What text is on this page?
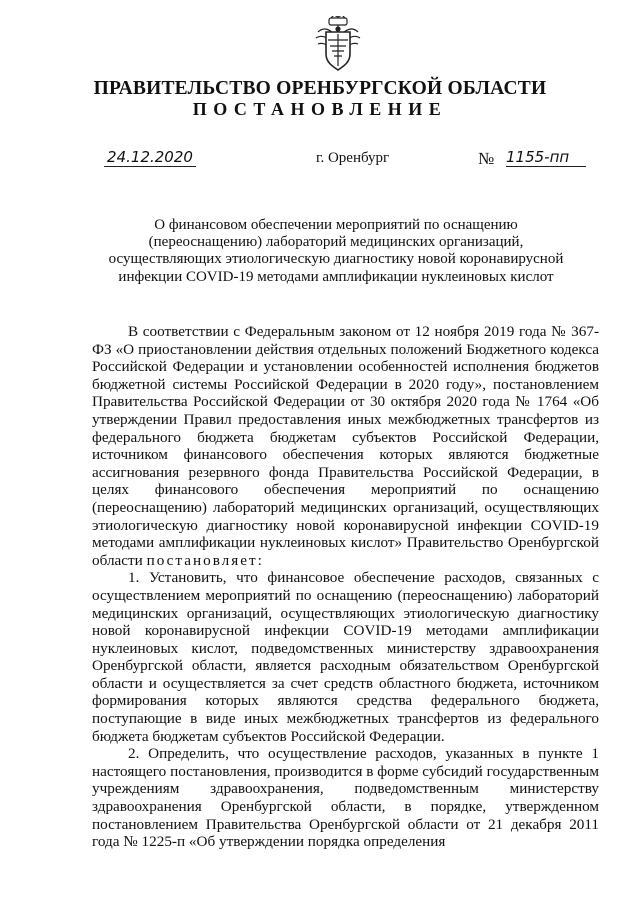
ПРАВИТЕЛЬСТВО ОРЕНБУРГСКОЙ ОБЛАСТИ
ПОСТАНОВЛЕНИЕ
24.12.2020	г. Оренбург	№ 1155-пп
О финансовом обеспечении мероприятий по оснащению (переоснащению) лабораторий медицинских организаций, осуществляющих этиологическую диагностику новой коронавирусной инфекции COVID-19 методами амплификации нуклеиновых кислот

В соответствии с Федеральным законом от 12 ноября 2019 года № 367-ФЗ «О приостановлении действия отдельных положений Бюджетного кодекса Российской Федерации и установлении особенностей исполнения бюджетов бюджетной системы Российской Федерации в 2020 году», постановлением Правительства Российской Федерации от 30 октября 2020 года № 1764 «Об утверждении Правил предоставления иных межбюджетных трансфертов из федерального бюджета бюджетам субъектов Российской Федерации, источником финансового обеспечения которых являются бюджетные ассигнования резервного фонда Правительства Российской Федерации, в целях финансового обеспечения мероприятий по оснащению (переоснащению) лабораторий медицинских организаций, осуществляющих этиологическую диагностику новой коронавирусной инфекции COVID-19 методами амплификации нуклеиновых кислот» Правительство Оренбургской области постановляет:

1. Установить, что финансовое обеспечение расходов, связанных с осуществлением мероприятий по оснащению (переоснащению) лабораторий медицинских организаций, осуществляющих этиологическую диагностику новой коронавирусной инфекции COVID-19 методами амплификации нуклеиновых кислот, подведомственных министерству здравоохранения Оренбургской области, является расходным обязательством Оренбургской области и осуществляется за счет средств областного бюджета, источником формирования которых являются средства федерального бюджета, поступающие в виде иных межбюджетных трансфертов из федерального бюджета бюджетам субъектов Российской Федерации.

2. Определить, что осуществление расходов, указанных в пункте 1 настоящего постановления, производится в форме субсидий государственным учреждениям здравоохранения, подведомственным министерству здравоохранения Оренбургской области, в порядке, утвержденном постановлением Правительства Оренбургской области от 21 декабря 2011 года № 1225-п «Об утверждении порядка определения
